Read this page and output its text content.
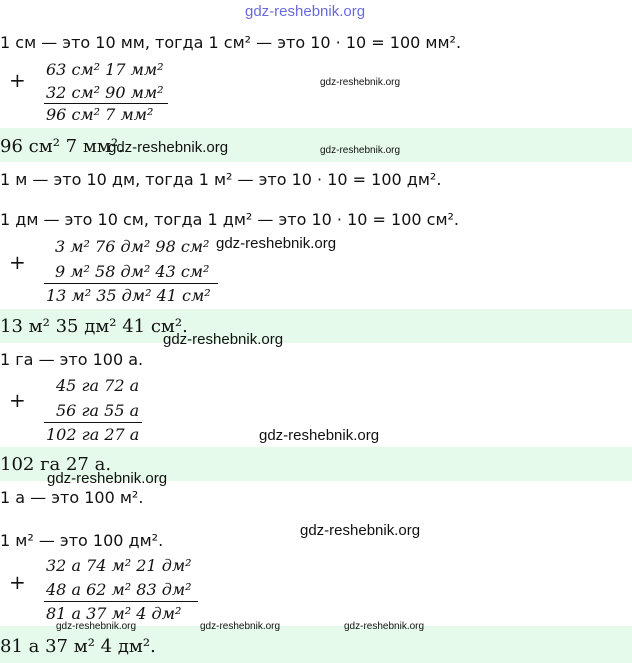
gdz-reshebnik.org
1 см — это 10 мм, тогда 1 см² — это 10 · 10 = 100 мм².
+ 63 см² 17 мм²
32 см² 90 мм²
96 см² 7 мм²
gdz-reshebnik.org
96 см² 7 мм².
gdz-reshebnik.org	gdz-reshebnik.org
1 м — это 10 дм, тогда 1 м² — это 10 · 10 = 100 дм².
1 дм — это 10 см, тогда 1 дм² — это 10 · 10 = 100 см².
+
3 м² 76 дм² 98 см² gdz-reshebnik.org
9 м² 58 дм² 43 см²
13 м² 35 дм² 41 см²
13 м² 35 дм² 41 см².
gdz-reshebnik.org
1 га — это 100 а.
+
45 га 72 а
56 га 55 а
102 га 27 а	gdz-reshebnik.org
102 га 27 а.
gdz-reshebnik.org
1 а — это 100 м².
1 м² — это 100 дм².
gdz-reshebnik.org
+
32 а 74 м² 21 дм²
48 а 62 м² 83 дм²
81 а 37 м² 4 дм²
gdz-reshebnik.org	gdz-reshebnik.org	gdz-reshebnik.org
81 а 37 м² 4 дм².
